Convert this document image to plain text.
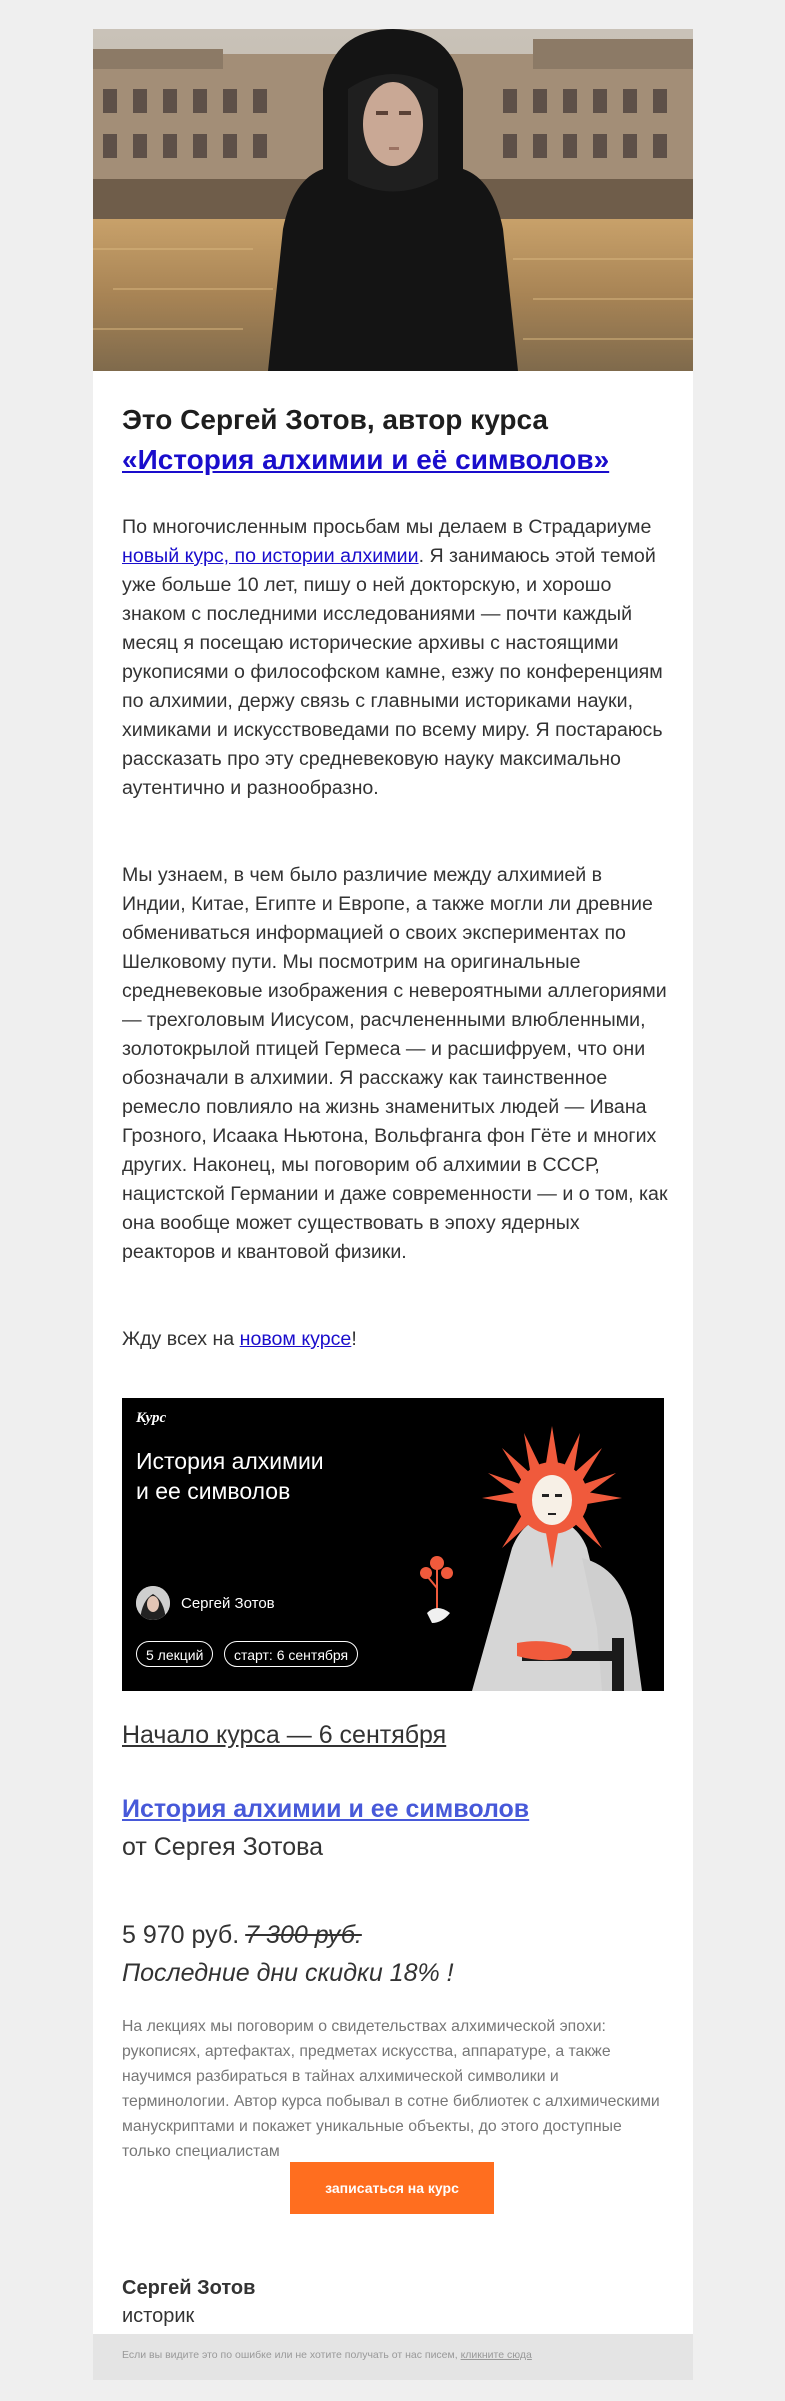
Это Сергей Зотов, автор курса
«История алхимии и её символов»

По многочисленным просьбам мы делаем в Страдариуме новый курс, по истории алхимии. Я занимаюсь этой темой уже больше 10 лет, пишу о ней докторскую, и хорошо знаком с последними исследованиями — почти каждый месяц я посещаю исторические архивы с настоящими рукописями о философском камне, езжу по конференциям по алхимии, держу связь с главными историками науки, химиками и искусствоведами по всему миру. Я постараюсь рассказать про эту средневековую науку максимально аутентично и разнообразно.

Мы узнаем, в чем было различие между алхимией в Индии, Китае, Египте и Европе, а также могли ли древние обмениваться информацией о своих экспериментах по Шелковому пути. Мы посмотрим на оригинальные средневековые изображения с невероятными аллегориями — трехголовым Иисусом, расчлененными влюбленными, золотокрылой птицей Гермеса — и расшифруем, что они обозначали в алхимии. Я расскажу как таинственное ремесло повлияло на жизнь знаменитых людей — Ивана Грозного, Исаака Ньютона, Вольфганга фон Гёте и многих других. Наконец, мы поговорим об алхимии в СССР, нацистской Германии и даже современности — и о том, как она вообще может существовать в эпоху ядерных реакторов и квантовой физики.

Жду всех на новом курсе!

Курс
История алхимии
и ее символов
Сергей Зотов
5 лекций	старт: 6 сентября

Начало курса — 6 сентября

История алхимии и ее символов

от Сергея Зотова

5 970 руб. 7 300 руб.

Последние дни скидки 18% !

На лекциях мы поговорим о свидетельствах алхимической эпохи: рукописях, артефактах, предметах искусства, аппаратуре, а также научимся разбираться в тайнах алхимической символики и терминологии. Автор курса побывал в сотне библиотек с алхимическими манускриптами и покажет уникальные объекты, до этого доступные только специалистам

записаться на курс

Сергей Зотов

историк

Если вы видите это по ошибке или не хотите получать от нас писем, кликните сюда
